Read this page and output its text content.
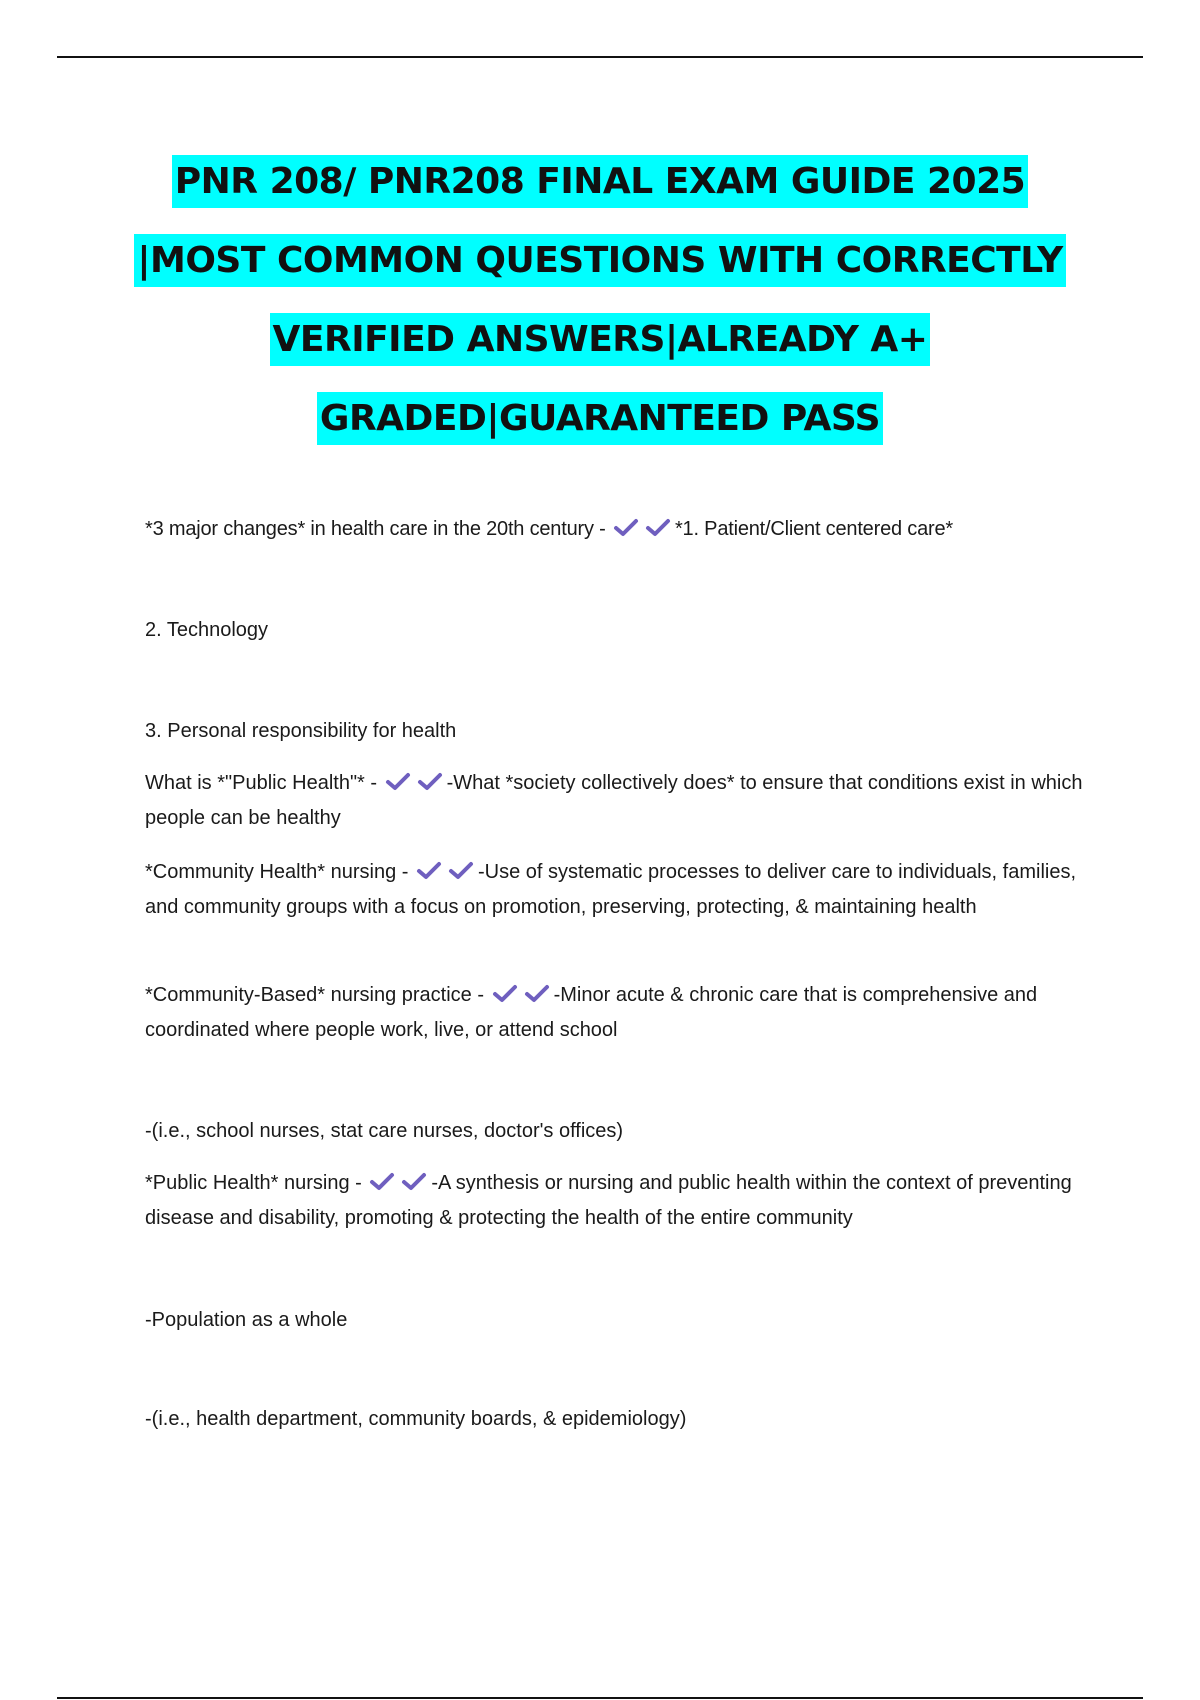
PNR 208/ PNR208 FINAL EXAM GUIDE 2025
|MOST COMMON QUESTIONS WITH CORRECTLY
VERIFIED ANSWERS|ALREADY A+
GRADED|GUARANTEED PASS

*3 major changes* in health care in the 20th century -	*1. Patient/Client centered care*

2. Technology

3. Personal responsibility for health

What is *"Public Health"* -	-What *society collectively does* to ensure that conditions exist in which people can be healthy

*Community Health* nursing -	-Use of systematic processes to deliver care to individuals, families, and community groups with a focus on promotion, preserving, protecting, & maintaining health

*Community-Based* nursing practice -	-Minor acute & chronic care that is comprehensive and coordinated where people work, live, or attend school

-(i.e., school nurses, stat care nurses, doctor's offices)

*Public Health* nursing -	-A synthesis or nursing and public health within the context of preventing disease and disability, promoting & protecting the health of the entire community

-Population as a whole

-(i.e., health department, community boards, & epidemiology)
